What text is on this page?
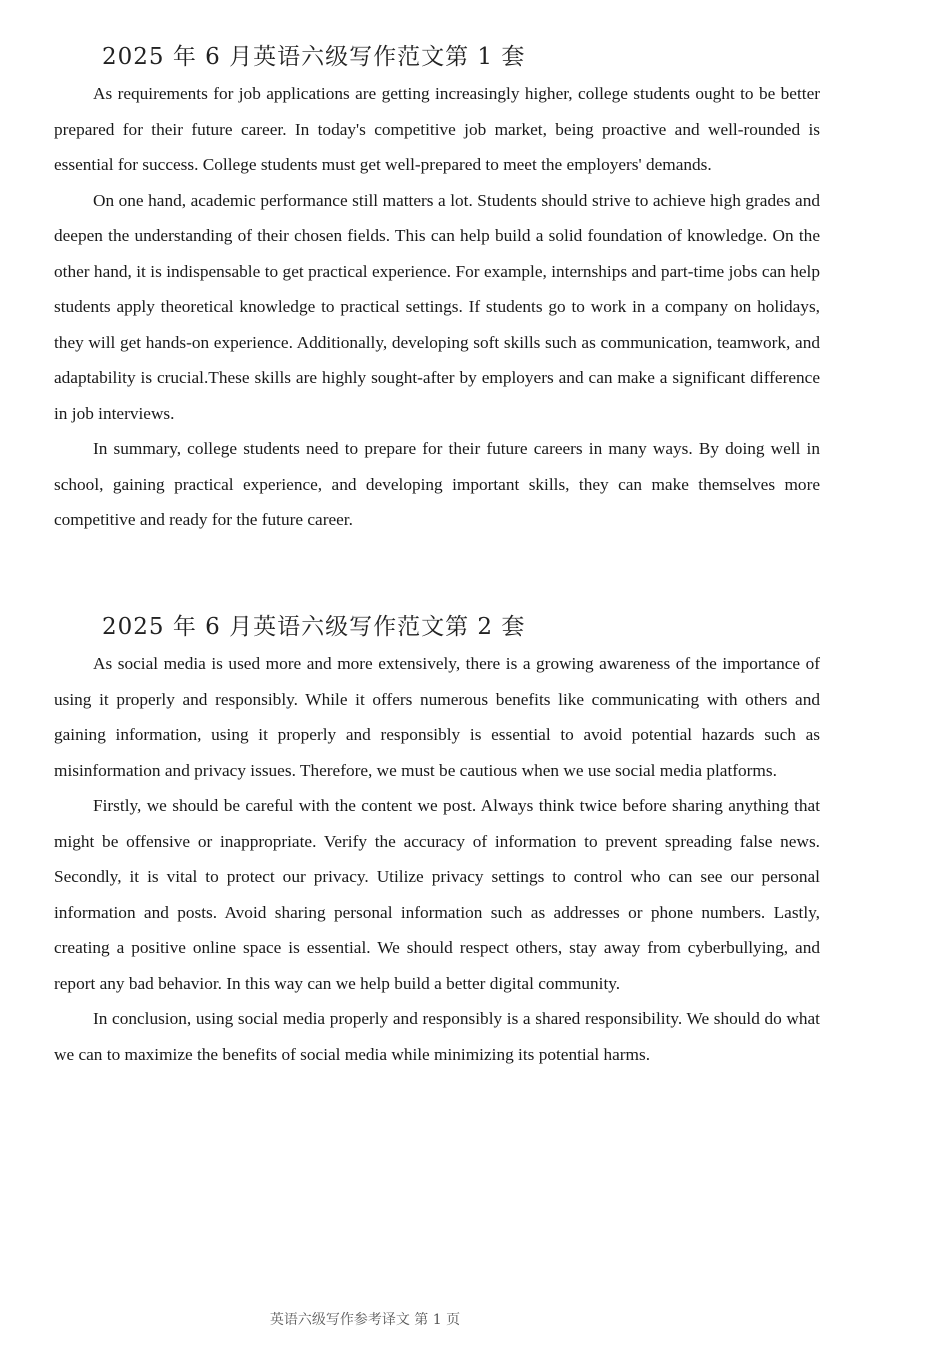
2025 年 6 月英语六级写作范文第 1 套

As requirements for job applications are getting increasingly higher, college students ought to be better prepared for their future career. In today's competitive job market, being proactive and well-rounded is essential for success. College students must get well-prepared to meet the employers' demands.

On one hand, academic performance still matters a lot. Students should strive to achieve high grades and deepen the understanding of their chosen fields. This can help build a solid foundation of knowledge. On the other hand, it is indispensable to get practical experience. For example, internships and part-time jobs can help students apply theoretical knowledge to practical settings. If students go to work in a company on holidays, they will get hands-on experience. Additionally, developing soft skills such as communication, teamwork, and adaptability is crucial.These skills are highly sought-after by employers and can make a significant difference in job interviews.

In summary, college students need to prepare for their future careers in many ways. By doing well in school, gaining practical experience, and developing important skills, they can make themselves more competitive and ready for the future career.

2025 年 6 月英语六级写作范文第 2 套

As social media is used more and more extensively, there is a growing awareness of the importance of using it properly and responsibly. While it offers numerous benefits like communicating with others and gaining information, using it properly and responsibly is essential to avoid potential hazards such as misinformation and privacy issues. Therefore, we must be cautious when we use social media platforms.

Firstly, we should be careful with the content we post. Always think twice before sharing anything that might be offensive or inappropriate. Verify the accuracy of information to prevent spreading false news. Secondly, it is vital to protect our privacy. Utilize privacy settings to control who can see our personal information and posts. Avoid sharing personal information such as addresses or phone numbers. Lastly, creating a positive online space is essential. We should respect others, stay away from cyberbullying, and report any bad behavior. In this way can we help build a better digital community.

In conclusion, using social media properly and responsibly is a shared responsibility. We should do what we can to maximize the benefits of social media while minimizing its potential harms.

英语六级写作参考译文 第 1 页
